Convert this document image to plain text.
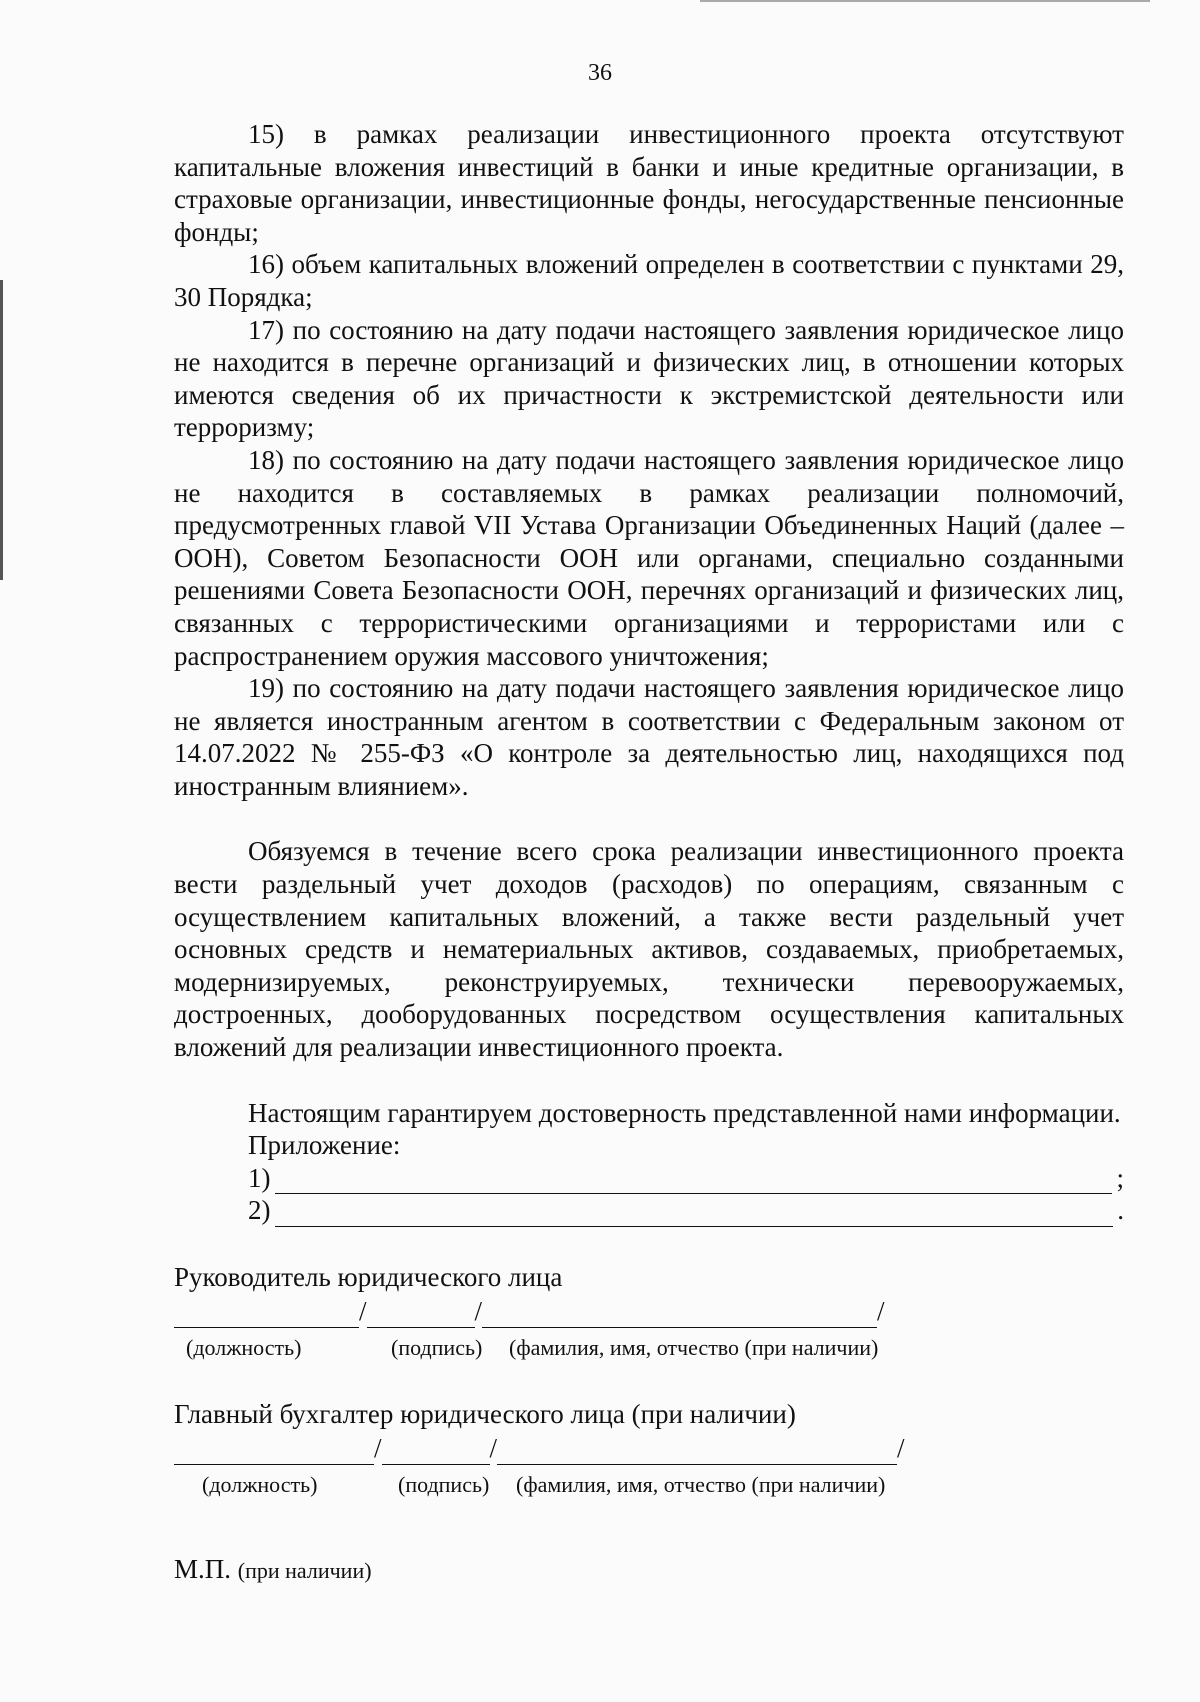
36

15) в рамках реализации инвестиционного проекта отсутствуют капитальные вложения инвестиций в банки и иные кредитные организации, в страховые организации, инвестиционные фонды, негосударственные пенсионные фонды;

16) объем капитальных вложений определен в соответствии с пунктами 29, 30 Порядка;

17) по состоянию на дату подачи настоящего заявления юридическое лицо не находится в перечне организаций и физических лиц, в отношении которых имеются сведения об их причастности к экстремистской деятельности или терроризму;

18) по состоянию на дату подачи настоящего заявления юридическое лицо не находится в составляемых в рамках реализации полномочий, предусмотренных главой VII Устава Организации Объединенных Наций (далее – ООН), Советом Безопасности ООН или органами, специально созданными решениями Совета Безопасности ООН, перечнях организаций и физических лиц, связанных с террористическими организациями и террористами или с распространением оружия массового уничтожения;

19) по состоянию на дату подачи настоящего заявления юридическое лицо не является иностранным агентом в соответствии с Федеральным законом от 14.07.2022 № 255-ФЗ «О контроле за деятельностью лиц, находящихся под иностранным влиянием».

Обязуемся в течение всего срока реализации инвестиционного проекта вести раздельный учет доходов (расходов) по операциям, связанным с осуществлением капитальных вложений, а также вести раздельный учет основных средств и нематериальных активов, создаваемых, приобретаемых, модернизируемых, реконструируемых, технически перевооружаемых, достроенных, дооборудованных посредством осуществления капитальных вложений для реализации инвестиционного проекта.

Настоящим гарантируем достоверность представленной нами информации.

Приложение:
1)	;
2)	.
Руководитель юридического лица
/	/	/
(должность)	(подпись)	(фамилия, имя, отчество (при наличии)
Главный бухгалтер юридического лица (при наличии)
/	/	/
(должность)	(подпись)	(фамилия, имя, отчество (при наличии)
М.П. (при наличии)
